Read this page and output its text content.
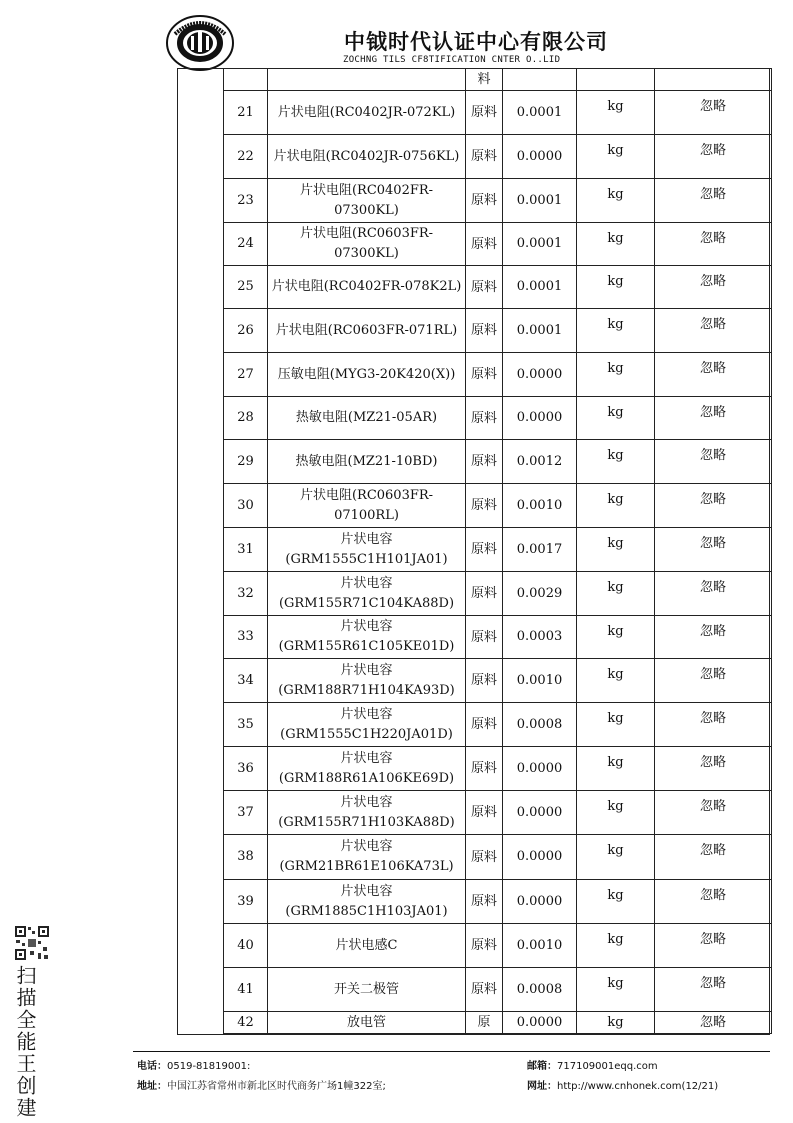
中钺时代认证中心有限公司
ZOCHNG TILS CF8TIFICATION CNTER O..LID
		料			
21	片状电阻(RC0402JR-072KL)	原料	0.0001	kg	忽略
22	片状电阻(RC0402JR-0756KL)	原料	0.0000	kg	忽略
23	片状电阻(RC0402FR-07300KL)	原料	0.0001	kg	忽略
24	片状电阻(RC0603FR-07300KL)	原料	0.0001	kg	忽略
25	片状电阻(RC0402FR-078K2L)	原料	0.0001	kg	忽略
26	片状电阻(RC0603FR-071RL)	原料	0.0001	kg	忽略
27	压敏电阻(MYG3-20K420(X))	原料	0.0000	kg	忽略
28	热敏电阻(MZ21-05AR)	原料	0.0000	kg	忽略
29	热敏电阻(MZ21-10BD)	原料	0.0012	kg	忽略
30	片状电阻(RC0603FR-07100RL)	原料	0.0010	kg	忽略
31	片状电容(GRM1555C1H101JA01)	原料	0.0017	kg	忽略
32	片状电容(GRM155R71C104KA88D)	原料	0.0029	kg	忽略
33	片状电容(GRM155R61C105KE01D)	原料	0.0003	kg	忽略
34	片状电容(GRM188R71H104KA93D)	原料	0.0010	kg	忽略
35	片状电容(GRM1555C1H220JA01D)	原料	0.0008	kg	忽略
36	片状电容(GRM188R61A106KE69D)	原料	0.0000	kg	忽略
37	片状电容(GRM155R71H103KA88D)	原料	0.0000	kg	忽略
38	片状电容(GRM21BR61E106KA73L)	原料	0.0000	kg	忽略
39	片状电容(GRM1885C1H103JA01)	原料	0.0000	kg	忽略
40	片状电感C	原料	0.0010	kg	忽略
41	开关二极管	原料	0.0008	kg	忽略
42	放电管	原	0.0000	kg	忽略
扫描全能王创建	电话：0519-81819001:	邮箱：717109001eqq.com
地址：中国江苏省常州市新北区时代商务广场1幢322室;	网址：http://www.cnhonek.com(12/21)
